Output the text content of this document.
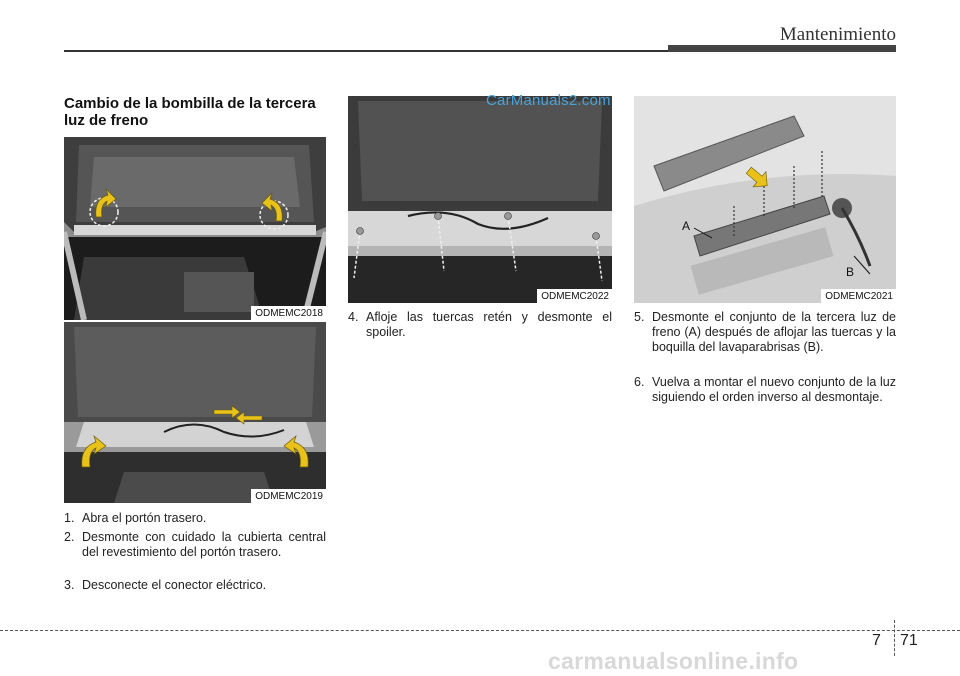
Mantenimiento
Cambio de la bombilla de la tercera luz de freno
ODMEMC2018
ODMEMC2019
ODMEMC2022
A
B
ODMEMC2021
1. Abra el portón trasero.
2. Desmonte con cuidado la cubierta central del revestimiento del portón trasero.
3. Desconecte el conector eléctrico.
4. Afloje las tuercas retén y desmonte el spoiler.
5. Desmonte el conjunto de la tercera luz de freno (A) después de aflojar las tuercas y la boquilla del lavaparabrisas (B).
6. Vuelva a montar el nuevo conjunto de la luz siguiendo el orden inverso al desmontaje.
CarManuals2.com
7 71
carmanualsonline.info
